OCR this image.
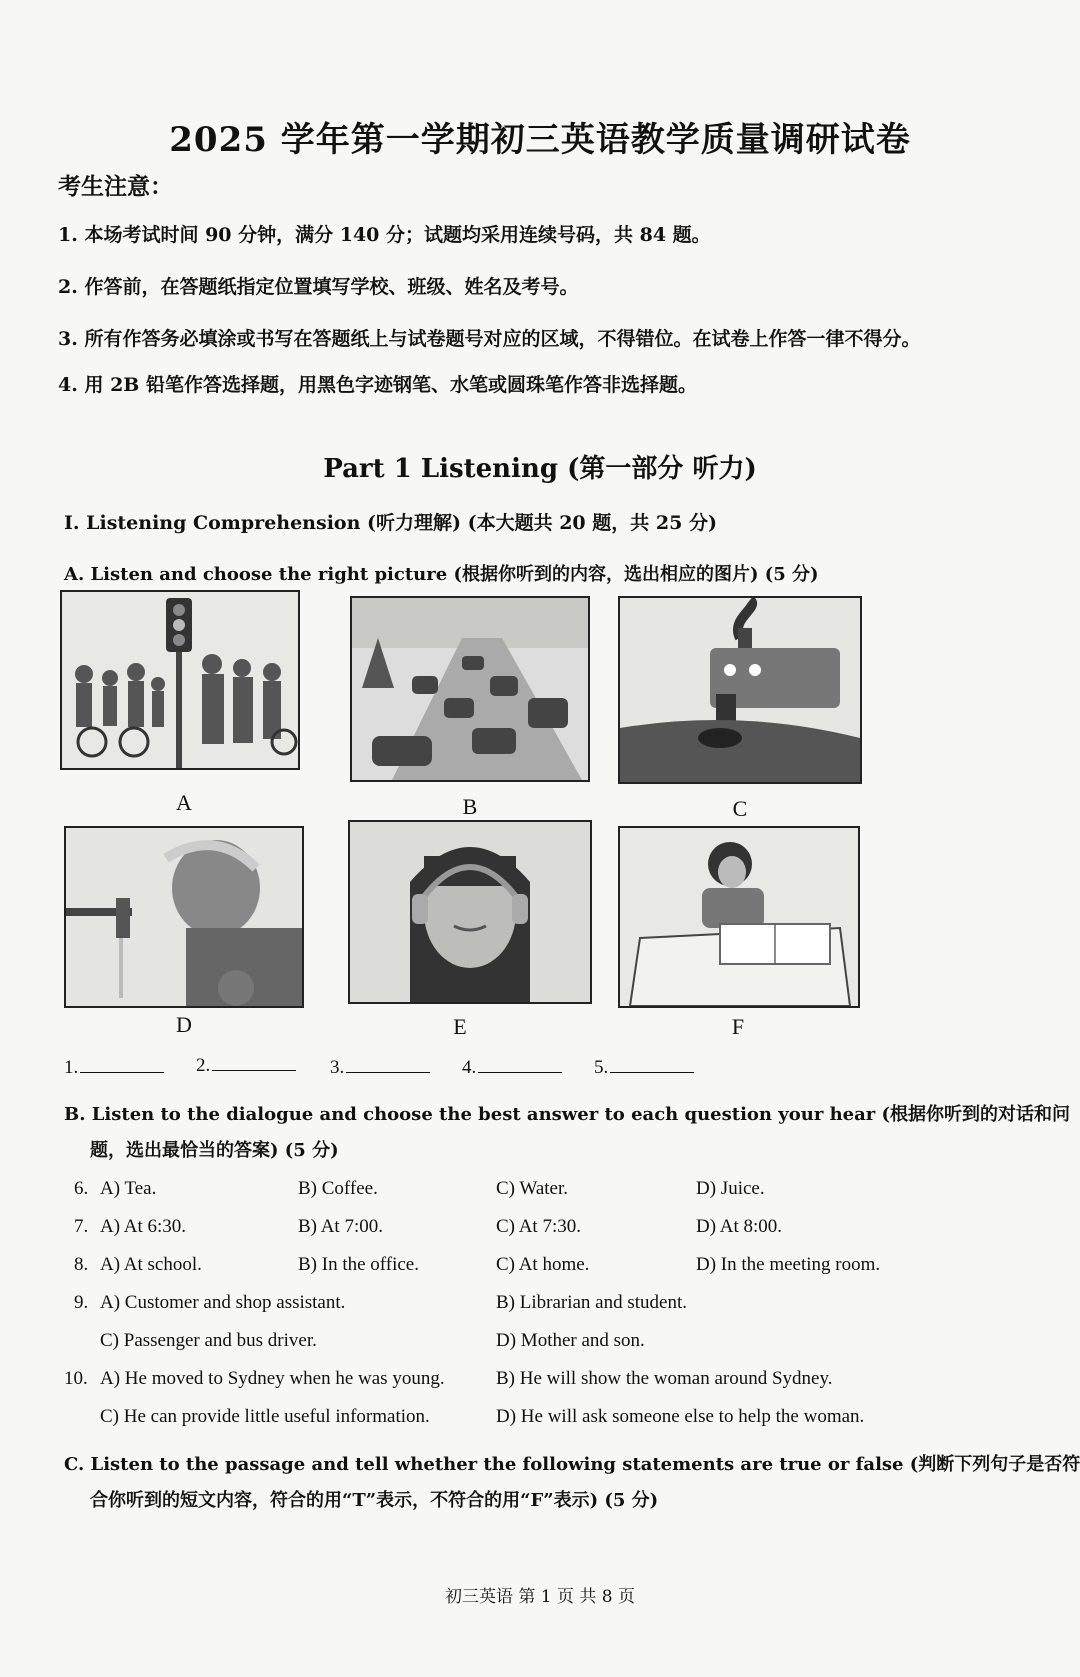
2025 学年第一学期初三英语教学质量调研试卷
考生注意：
1. 本场考试时间 90 分钟，满分 140 分；试题均采用连续号码，共 84 题。
2. 作答前，在答题纸指定位置填写学校、班级、姓名及考号。
3. 所有作答务必填涂或书写在答题纸上与试卷题号对应的区域，不得错位。在试卷上作答一律不得分。
4. 用 2B 铅笔作答选择题，用黑色字迹钢笔、水笔或圆珠笔作答非选择题。
Part 1 Listening (第一部分 听力)
I. Listening Comprehension (听力理解) (本大题共 20 题，共 25 分)
A. Listen and choose the right picture (根据你听到的内容，选出相应的图片) (5 分)
A	B	C
D	E	F
1.	2.	3.	4.	5.
B. Listen to the dialogue and choose the best answer to each question your hear (根据你听到的对话和问
题，选出最恰当的答案) (5 分)
6. A) Tea.	B) Coffee.	C) Water.	D) Juice.
7. A) At 6:30.	B) At 7:00.	C) At 7:30.	D) At 8:00.
8. A) At school.	B) In the office.	C) At home.	D) In the meeting room.
9. A) Customer and shop assistant.	B) Librarian and student.
C) Passenger and bus driver.	D) Mother and son.
10. A) He moved to Sydney when he was young.	B) He will show the woman around Sydney.
C) He can provide little useful information.	D) He will ask someone else to help the woman.
C. Listen to the passage and tell whether the following statements are true or false (判断下列句子是否符
合你听到的短文内容，符合的用“T”表示，不符合的用“F”表示) (5 分)
初三英语 第 1 页 共 8 页
